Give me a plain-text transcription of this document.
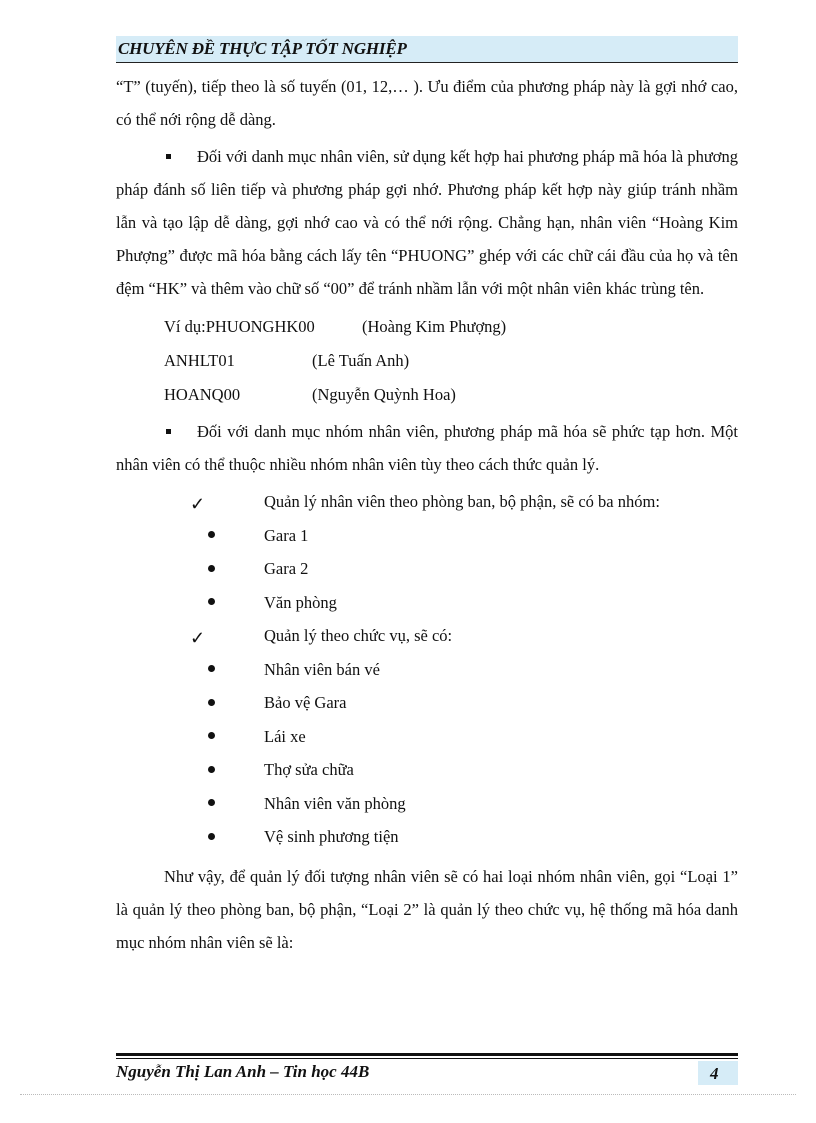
CHUYÊN ĐỀ THỰC TẬP TỐT NGHIỆP

“T” (tuyến), tiếp theo là số tuyến (01, 12,… ). Ưu điểm của phương pháp này là gợi nhớ cao, có thể nới rộng dễ dàng.

Đối với danh mục nhân viên, sử dụng kết hợp hai phương pháp mã hóa là phương pháp đánh số liên tiếp và phương pháp gợi nhớ. Phương pháp kết hợp này giúp tránh nhầm lẫn và tạo lập dễ dàng, gợi nhớ cao và có thể nới rộng. Chẳng hạn, nhân viên “Hoàng Kim Phượng” được mã hóa bằng cách lấy tên “PHUONG” ghép với các chữ cái đầu của họ và tên đệm “HK” và thêm vào chữ số “00” để tránh nhầm lẫn với một nhân viên khác trùng tên.

Ví dụ:PHUONGHK00	(Hoàng Kim Phượng)
ANHLT01	(Lê Tuấn Anh)
HOANQ00	(Nguyễn Quỳnh Hoa)

Đối với danh mục nhóm nhân viên, phương pháp mã hóa sẽ phức tạp hơn. Một nhân viên có thể thuộc nhiều nhóm nhân viên tùy theo cách thức quản lý.

✓	Quản lý nhân viên theo phòng ban, bộ phận, sẽ có ba nhóm:
Gara 1
Gara 2
Văn phòng
✓	Quản lý theo chức vụ, sẽ có:
Nhân viên bán vé
Bảo vệ Gara
Lái xe
Thợ sửa chữa
Nhân viên văn phòng
Vệ sinh phương tiện

Như vậy, để quản lý đối tượng nhân viên sẽ có hai loại nhóm nhân viên, gọi “Loại 1” là quản lý theo phòng ban, bộ phận, “Loại 2” là quản lý theo chức vụ, hệ thống mã hóa danh mục nhóm nhân viên sẽ là:

Nguyễn Thị Lan Anh – Tin học 44B	4
